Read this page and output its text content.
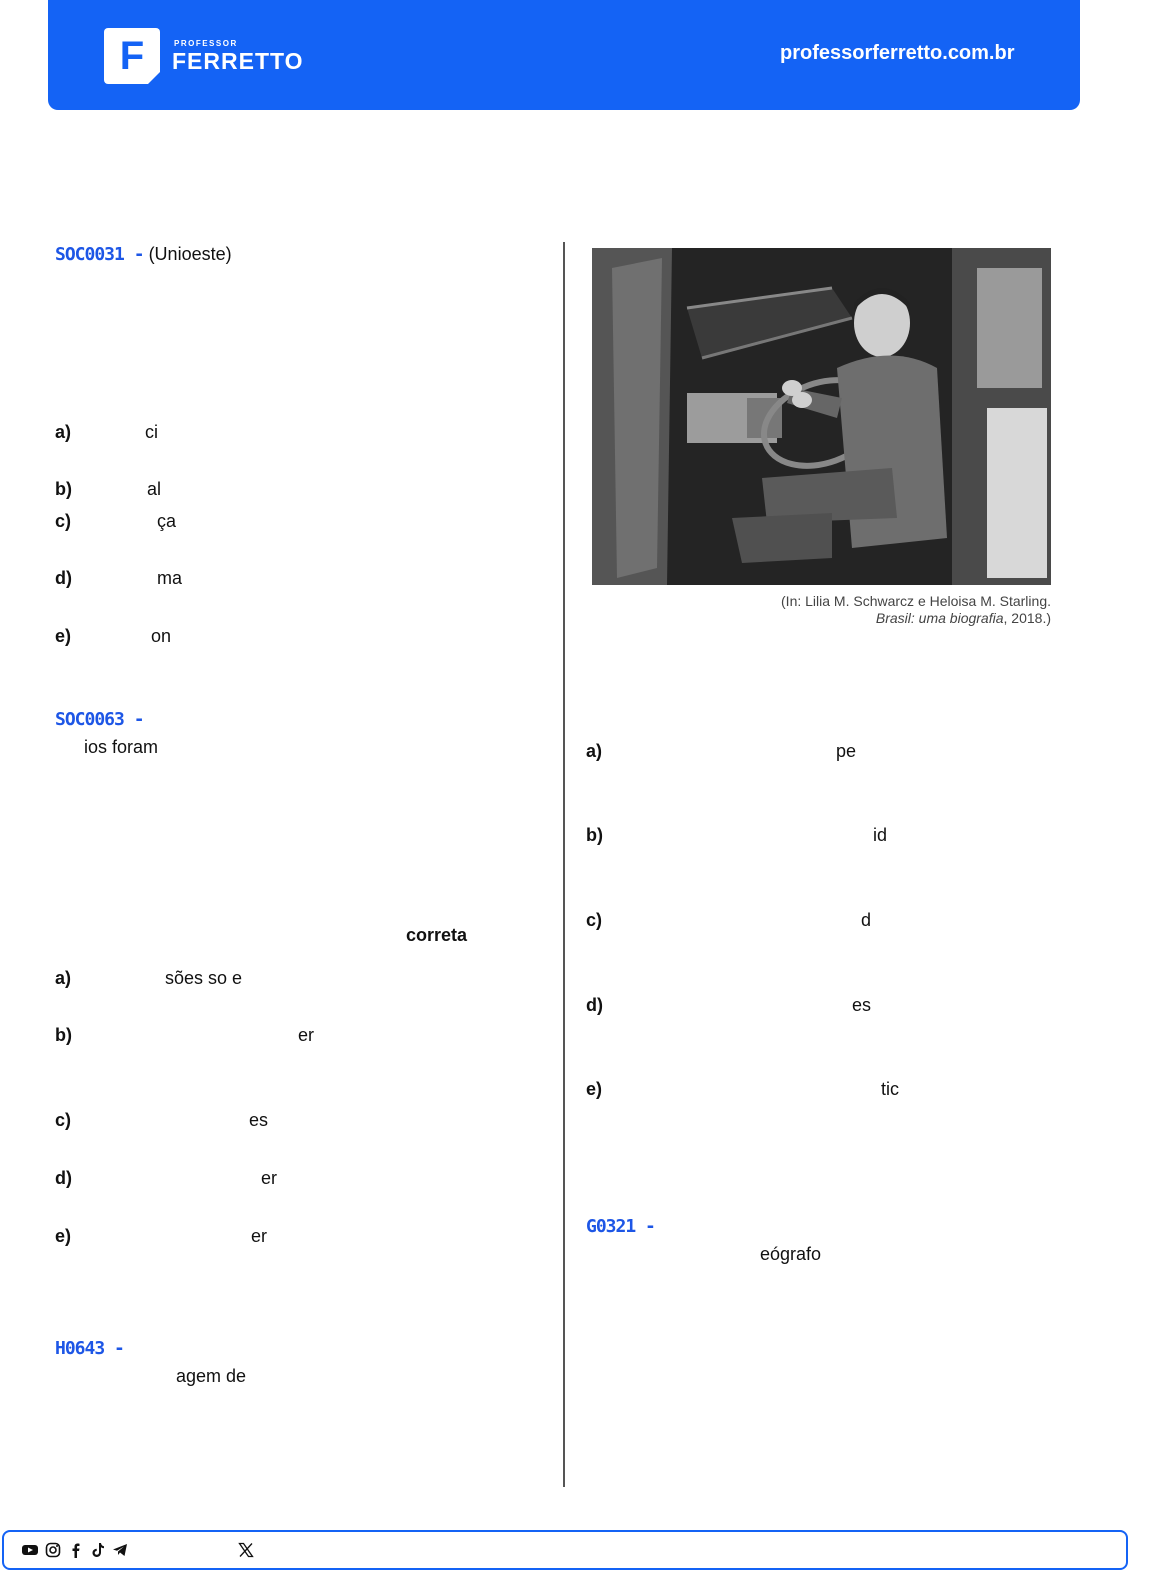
F	PROFESSOR
FERRETTO	professorferretto.com.br
SOC0031 - (Unioeste)
a)	ci
b)	al
c)	ça
d)	ma
e)	on
SOC0063 -
ios foram
correta
a)	sões so e
b)	er
c)	es
d)	er
e)	er
H0643 -
agem de
(In: Lilia M. Schwarcz e Heloisa M. Starling.
Brasil: uma biografia, 2018.)
a)	pe
b)	id
c)	d
d)	es
e)	tic
G0321 -
eógrafo
